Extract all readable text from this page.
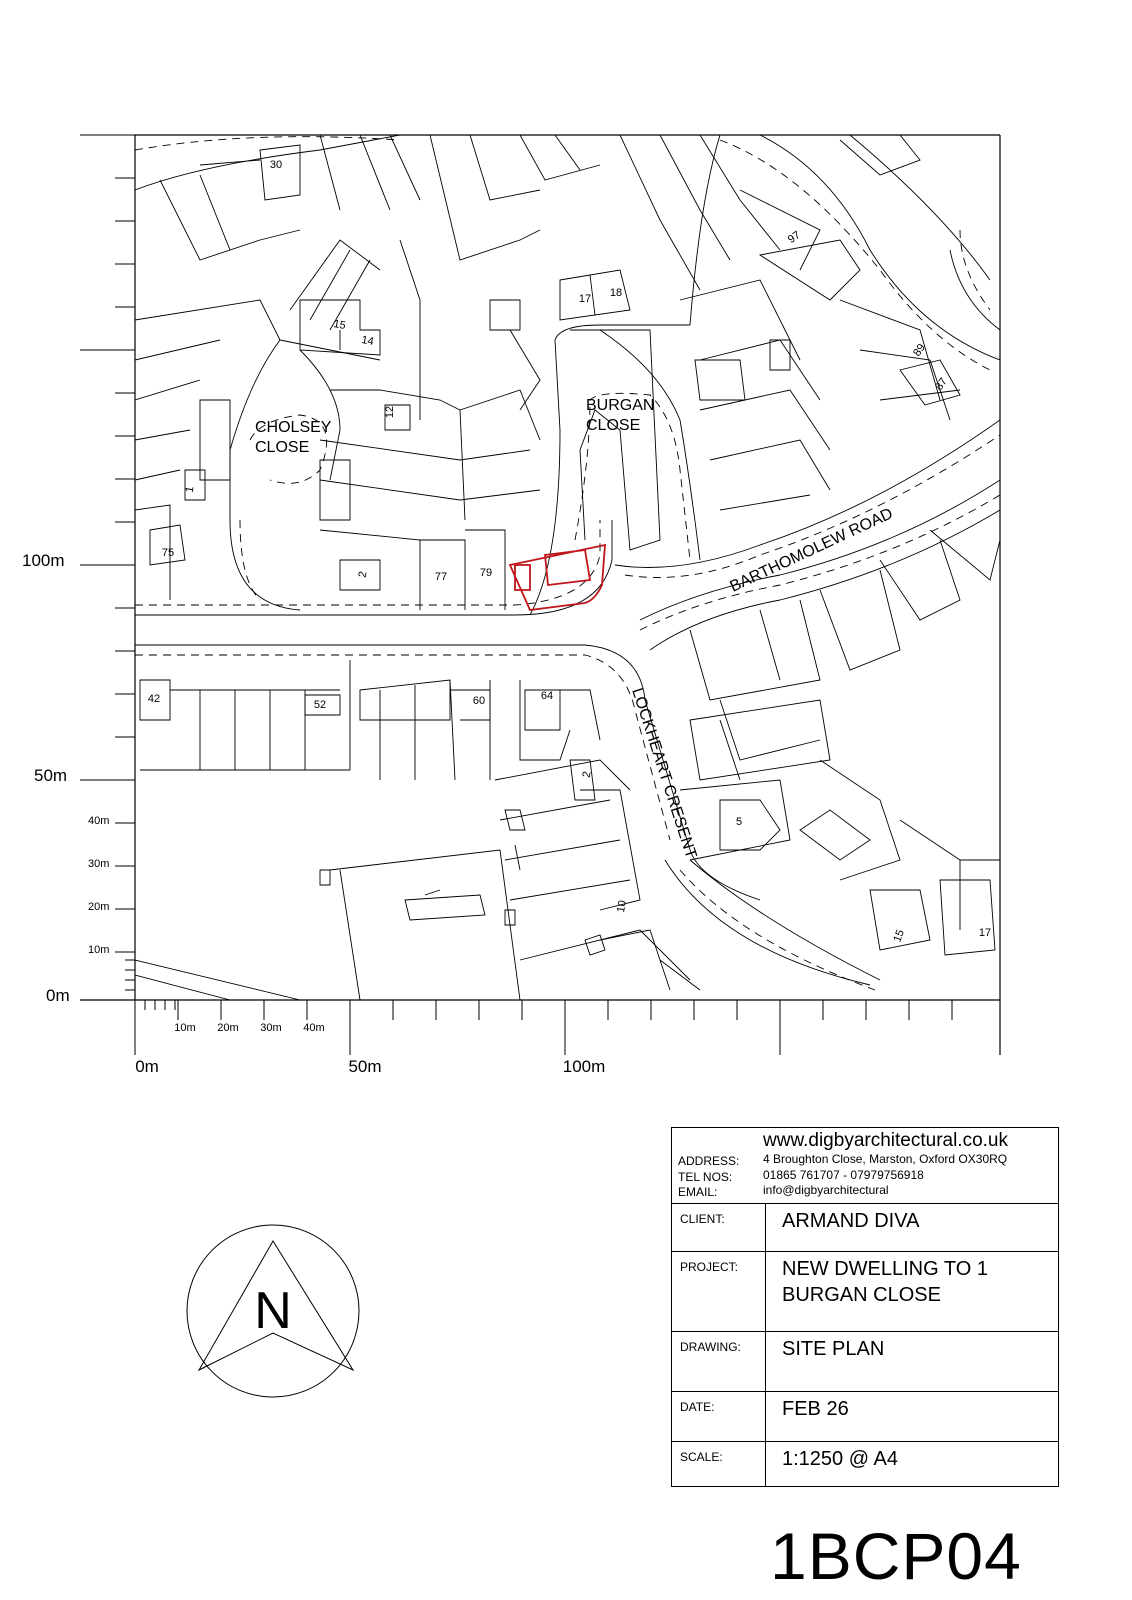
CHOLSEY
CLOSE
BURGAN
CLOSE
BARTHOMOLEW ROAD
LOCKHEART CRESENT
30
97
17 18
15
14
89
87
12
1
75
2	77	79
42	52	60	64
2
5
10
15	17
100m
50m
0m
40m
30m
20m
10m
10m 20m 30m 40m
0m	50m	100m
N
www.digbyarchitectural.co.uk
ADDRESS: 4 Broughton Close, Marston, Oxford OX30RQ
TEL NOS:	01865 761707 - 07979756918
EMAIL:	info@digbyarchitectural
CLIENT:	ARMAND DIVA
PROJECT: NEW DWELLING TO 1
BURGAN CLOSE
DRAWING: SITE PLAN
DATE:	FEB 26
SCALE:	1:1250 @ A4
1BCP04
